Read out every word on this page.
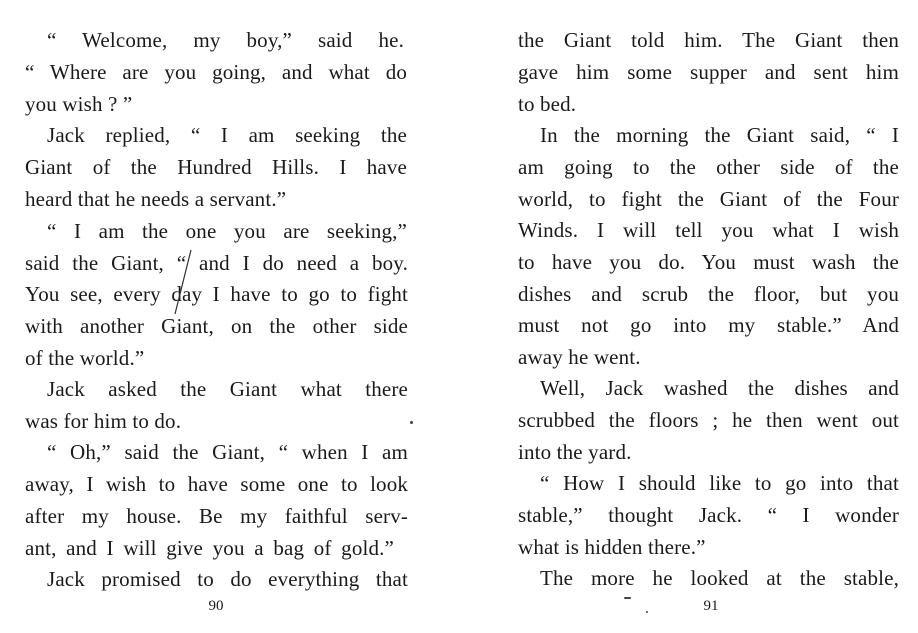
“ Welcome, my boy,” said he.
“ Where are you going, and what do
you wish ? ”
Jack replied, “ I am seeking the
Giant of the Hundred Hills. I have
heard that he needs a servant.”
“ I am the one you are seeking,”
said the Giant, “ and I do need a boy.
You see, every day I have to go to fight
with another Giant, on the other side
of the world.”
Jack asked the Giant what there
was for him to do.
“ Oh,” said the Giant, “ when I am
away, I wish to have some one to look
after my house. Be my faithful serv-
ant, and I will give you a bag of gold.”
Jack promised to do everything that
90
the Giant told him. The Giant then
gave him some supper and sent him
to bed.
In the morning the Giant said, “ I
am going to the other side of the
world, to fight the Giant of the Four
Winds. I will tell you what I wish
to have you do. You must wash the
dishes and scrub the floor, but you
must not go into my stable.” And
away he went.
Well, Jack washed the dishes and
scrubbed the floors ; he then went out
into the yard.
“ How I should like to go into that
stable,” thought Jack. “ I wonder
what is hidden there.”
The more he looked at the stable,
91
